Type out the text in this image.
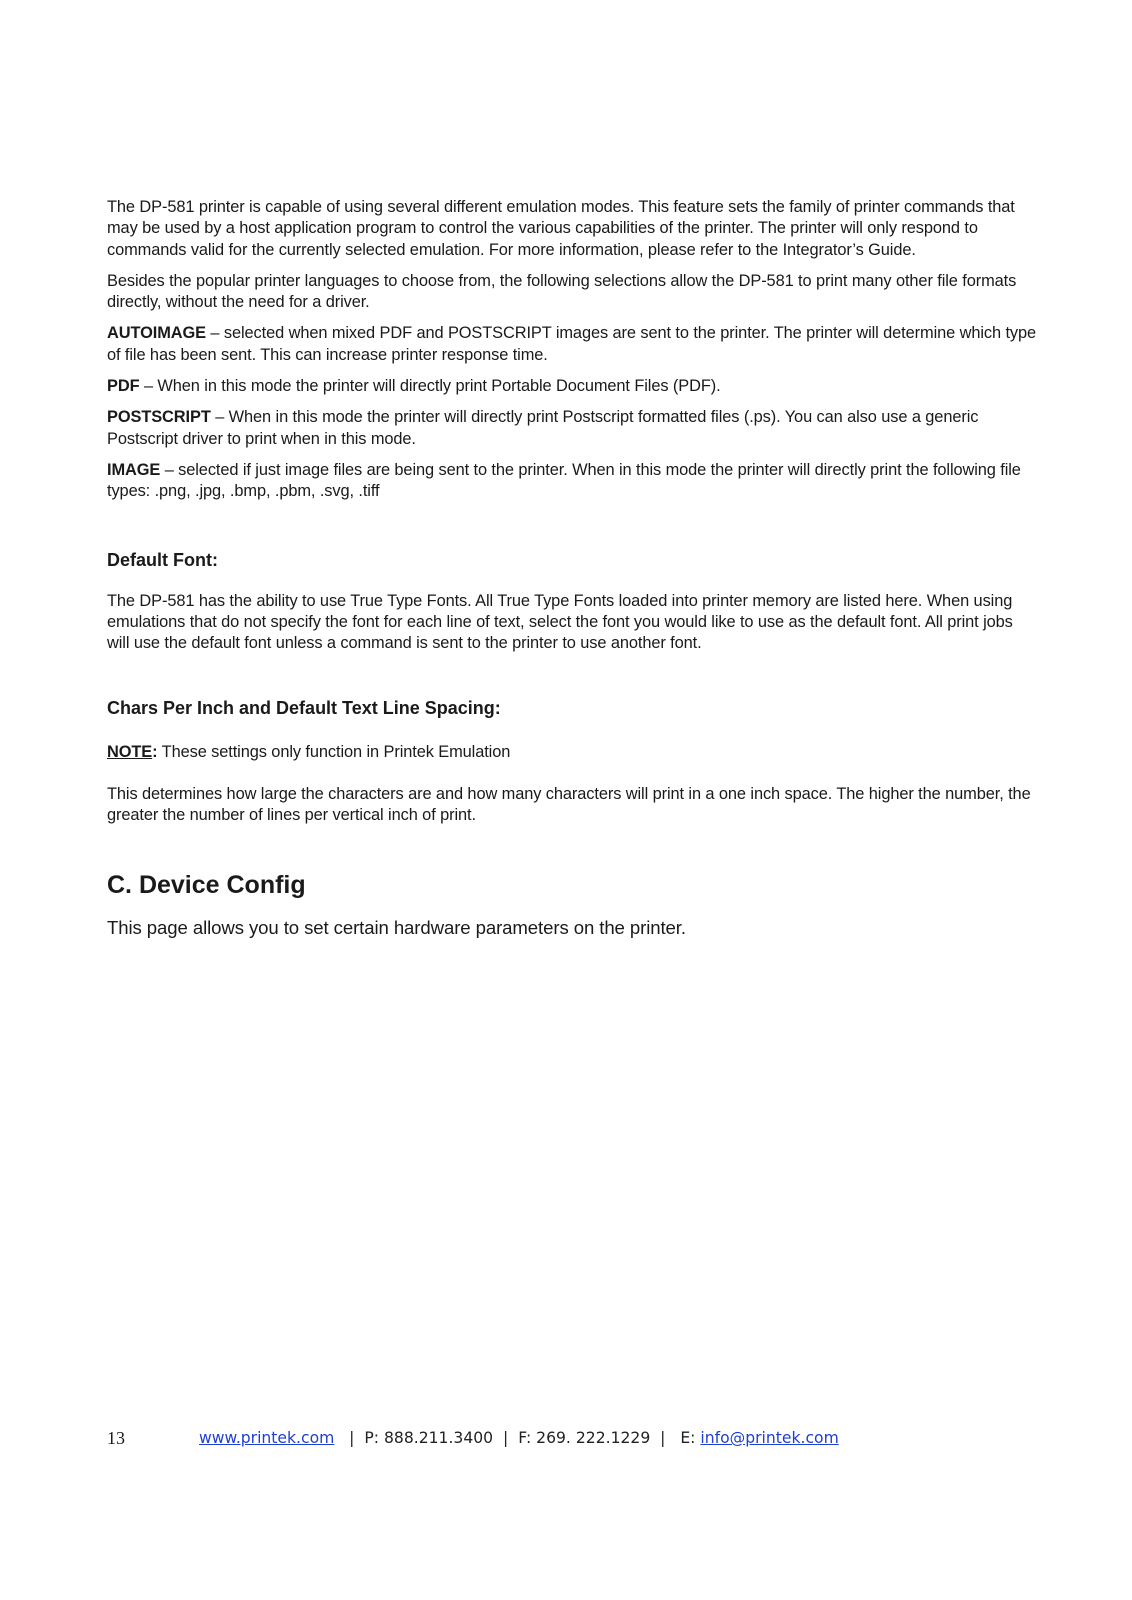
The DP-581 printer is capable of using several different emulation modes. This feature sets the family of printer commands that may be used by a host application program to control the various capabilities of the printer. The printer will only respond to commands valid for the currently selected emulation. For more information, please refer to the Integrator’s Guide.

Besides the popular printer languages to choose from, the following selections allow the DP-581 to print many other file formats directly, without the need for a driver.

AUTOIMAGE – selected when mixed PDF and POSTSCRIPT images are sent to the printer. The printer will determine which type of file has been sent. This can increase printer response time.

PDF – When in this mode the printer will directly print Portable Document Files (PDF).

POSTSCRIPT – When in this mode the printer will directly print Postscript formatted files (.ps). You can also use a generic Postscript driver to print when in this mode.

IMAGE – selected if just image files are being sent to the printer. When in this mode the printer will directly print the following file types: .png, .jpg, .bmp, .pbm, .svg, .tiff

Default Font:

The DP-581 has the ability to use True Type Fonts. All True Type Fonts loaded into printer memory are listed here. When using emulations that do not specify the font for each line of text, select the font you would like to use as the default font. All print jobs will use the default font unless a command is sent to the printer to use another font.

Chars Per Inch and Default Text Line Spacing:

NOTE: These settings only function in Printek Emulation

This determines how large the characters are and how many characters will print in a one inch space. The higher the number, the greater the number of lines per vertical inch of print.

C. Device Config

This page allows you to set certain hardware parameters on the printer.

13	www.printek.com   |  P: 888.211.3400  |  F: 269. 222.1229  |   E: info@printek.com
